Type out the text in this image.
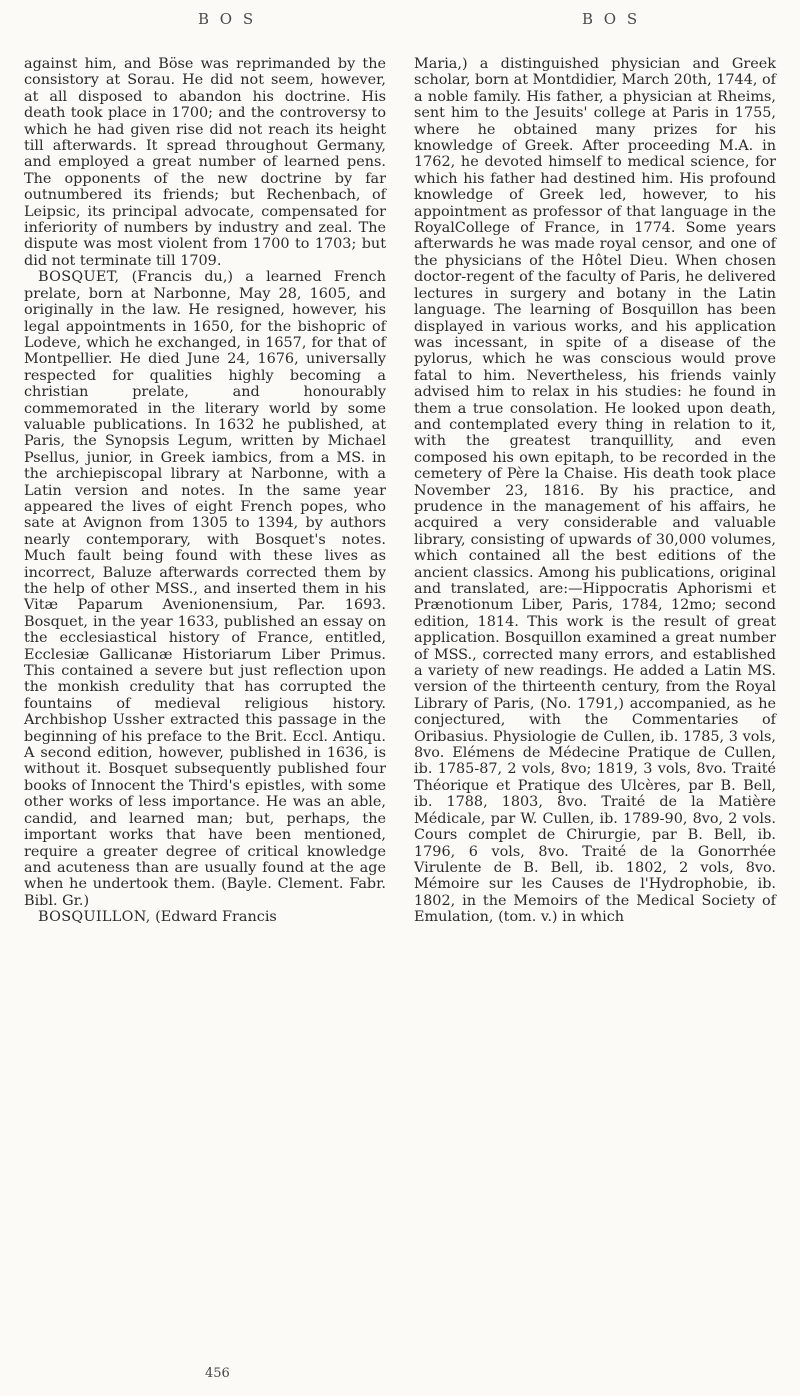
B O S	B O S

against him, and Böse was reprimanded by the consistory at Sorau. He did not seem, however, at all disposed to abandon his doctrine. His death took place in 1700; and the controversy to which he had given rise did not reach its height till afterwards. It spread throughout Germany, and employed a great number of learned pens. The opponents of the new doctrine by far outnumbered its friends; but Rechenbach, of Leipsic, its principal advocate, compensated for inferiority of numbers by industry and zeal. The dispute was most violent from 1700 to 1703; but did not terminate till 1709.

BOSQUET, (Francis du,) a learned French prelate, born at Narbonne, May 28, 1605, and originally in the law. He resigned, however, his legal appointments in 1650, for the bishopric of Lodeve, which he exchanged, in 1657, for that of Montpellier. He died June 24, 1676, universally respected for qualities highly becoming a christian prelate, and honourably commemorated in the literary world by some valuable publications. In 1632 he published, at Paris, the Synopsis Legum, written by Michael Psellus, junior, in Greek iambics, from a MS. in the archiepiscopal library at Narbonne, with a Latin version and notes. In the same year appeared the lives of eight French popes, who sate at Avignon from 1305 to 1394, by authors nearly contemporary, with Bosquet's notes. Much fault being found with these lives as incorrect, Baluze afterwards corrected them by the help of other MSS., and inserted them in his Vitæ Paparum Avenionensium, Par. 1693. Bosquet, in the year 1633, published an essay on the ecclesiastical history of France, entitled, Ecclesiæ Gallicanæ Historiarum Liber Primus. This contained a severe but just reflection upon the monkish credulity that has corrupted the fountains of medieval religious history. Archbishop Ussher extracted this passage in the beginning of his preface to the Brit. Eccl. Antiqu. A second edition, however, published in 1636, is without it. Bosquet subsequently published four books of Innocent the Third's epistles, with some other works of less importance. He was an able, candid, and learned man; but, perhaps, the important works that have been mentioned, require a greater degree of critical knowledge and acuteness than are usually found at the age when he undertook them. (Bayle. Clement. Fabr. Bibl. Gr.)

BOSQUILLON, (Edward Francis

Maria,) a distinguished physician and Greek scholar, born at Montdidier, March 20th, 1744, of a noble family. His father, a physician at Rheims, sent him to the Jesuits' college at Paris in 1755, where he obtained many prizes for his knowledge of Greek. After proceeding M.A. in 1762, he devoted himself to medical science, for which his father had destined him. His profound knowledge of Greek led, however, to his appointment as professor of that language in the RoyalCollege of France, in 1774. Some years afterwards he was made royal censor, and one of the physicians of the Hôtel Dieu. When chosen doctor-regent of the faculty of Paris, he delivered lectures in surgery and botany in the Latin language. The learning of Bosquillon has been displayed in various works, and his application was incessant, in spite of a disease of the pylorus, which he was conscious would prove fatal to him. Nevertheless, his friends vainly advised him to relax in his studies: he found in them a true consolation. He looked upon death, and contemplated every thing in relation to it, with the greatest tranquillity, and even composed his own epitaph, to be recorded in the cemetery of Père la Chaise. His death took place November 23, 1816. By his practice, and prudence in the management of his affairs, he acquired a very considerable and valuable library, consisting of upwards of 30,000 volumes, which contained all the best editions of the ancient classics. Among his publications, original and translated, are:—Hippocratis Aphorismi et Prænotionum Liber, Paris, 1784, 12mo; second edition, 1814. This work is the result of great application. Bosquillon examined a great number of MSS., corrected many errors, and established a variety of new readings. He added a Latin MS. version of the thirteenth century, from the Royal Library of Paris, (No. 1791,) accompanied, as he conjectured, with the Commentaries of Oribasius. Physiologie de Cullen, ib. 1785, 3 vols, 8vo. Elémens de Médecine Pratique de Cullen, ib. 1785-87, 2 vols, 8vo; 1819, 3 vols, 8vo. Traité Théorique et Pratique des Ulcères, par B. Bell, ib. 1788, 1803, 8vo. Traité de la Matière Médicale, par W. Cullen, ib. 1789-90, 8vo, 2 vols. Cours complet de Chirurgie, par B. Bell, ib. 1796, 6 vols, 8vo. Traité de la Gonorrhée Virulente de B. Bell, ib. 1802, 2 vols, 8vo. Mémoire sur les Causes de l'Hydrophobie, ib. 1802, in the Memoirs of the Medical Society of Emulation, (tom. v.) in which

456
